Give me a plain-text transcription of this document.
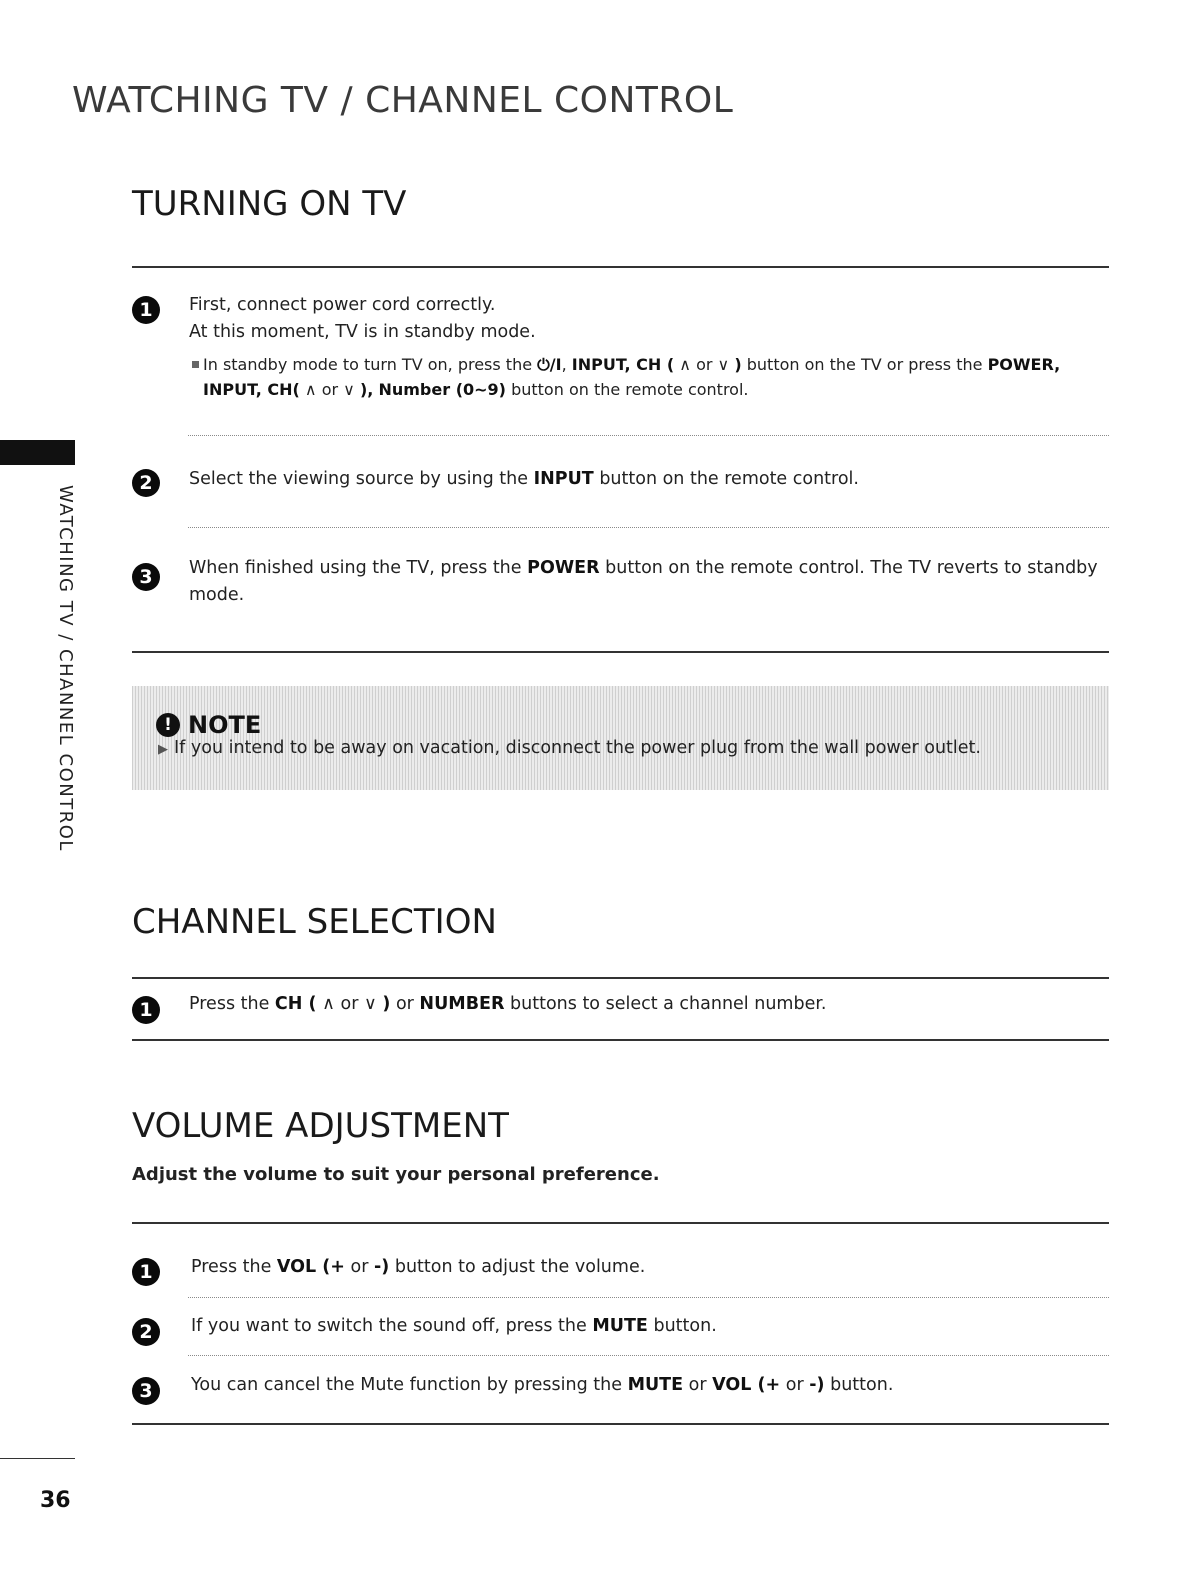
WATCHING TV / CHANNEL CONTROL
WATCHING TV / CHANNEL CONTROL
TURNING ON TV
1	First, connect power cord correctly.
At this moment, TV is in standby mode.
In standby mode to turn TV on, press the ⏻/I, INPUT, CH ( ∧ or ∨ ) button on the TV or press the POWER,
INPUT, CH( ∧ or ∨ ), Number (0~9) button on the remote control.
2	Select the viewing source by using the INPUT button on the remote control.
3	When finished using the TV, press the POWER button on the remote control. The TV reverts to standby
mode.
! NOTE
▶ If you intend to be away on vacation, disconnect the power plug from the wall power outlet.
CHANNEL SELECTION
1	Press the CH ( ∧ or ∨ ) or NUMBER buttons to select a channel number.
VOLUME ADJUSTMENT
Adjust the volume to suit your personal preference.
1	Press the VOL (+ or -) button to adjust the volume.
2	If you want to switch the sound off, press the MUTE button.
3	You can cancel the Mute function by pressing the MUTE or VOL (+ or -) button.
36
